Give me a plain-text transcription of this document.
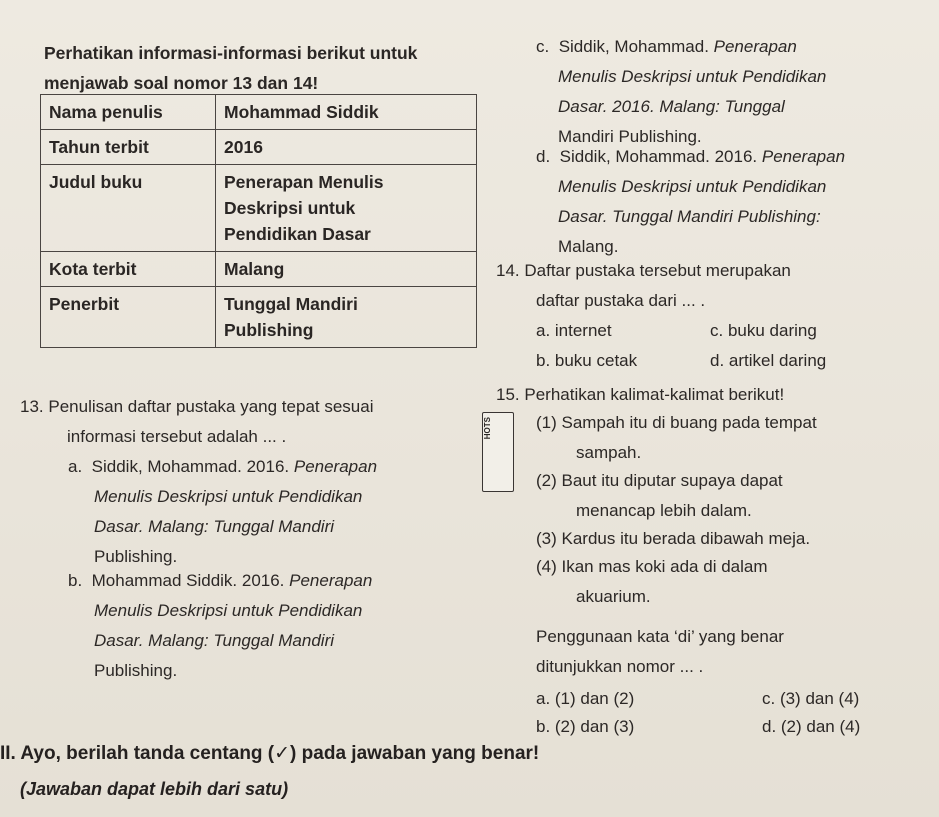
Perhatikan informasi-informasi berikut untuk
menjawab soal nomor 13 dan 14!
Nama penulis	Mohammad Siddik

Tahun terbit	2016

Judul buku	Penerapan Menulis
Deskripsi untuk
Pendidikan Dasar

Kota terbit	Malang

Penerbit	Tunggal Mandiri
Publishing
13. Penulisan daftar pustaka yang tepat sesuai
informasi tersebut adalah ... .
a. Siddik, Mohammad. 2016. Penerapan
Menulis Deskripsi untuk Pendidikan
Dasar. Malang: Tunggal Mandiri
Publishing.
b. Mohammad Siddik. 2016. Penerapan
Menulis Deskripsi untuk Pendidikan
Dasar. Malang: Tunggal Mandiri
Publishing.
c. Siddik, Mohammad. Penerapan
Menulis Deskripsi untuk Pendidikan
Dasar. 2016. Malang: Tunggal
Mandiri Publishing.
d. Siddik, Mohammad. 2016. Penerapan
Menulis Deskripsi untuk Pendidikan
Dasar. Tunggal Mandiri Publishing:
Malang.
14. Daftar pustaka tersebut merupakan
daftar pustaka dari ... .
a. internet	c. buku daring
b. buku cetak	d. artikel daring
15. Perhatikan kalimat-kalimat berikut!
HOTS	(1) Sampah itu di buang pada tempat
sampah.
(2) Baut itu diputar supaya dapat
menancap lebih dalam.
(3) Kardus itu berada dibawah meja.
(4) Ikan mas koki ada di dalam
akuarium.
Penggunaan kata ‘di’ yang benar
ditunjukkan nomor ... .
a. (1) dan (2)	c. (3) dan (4)
b. (2) dan (3)	d. (2) dan (4)
II. Ayo, berilah tanda centang (✓) pada jawaban yang benar!
(Jawaban dapat lebih dari satu)
